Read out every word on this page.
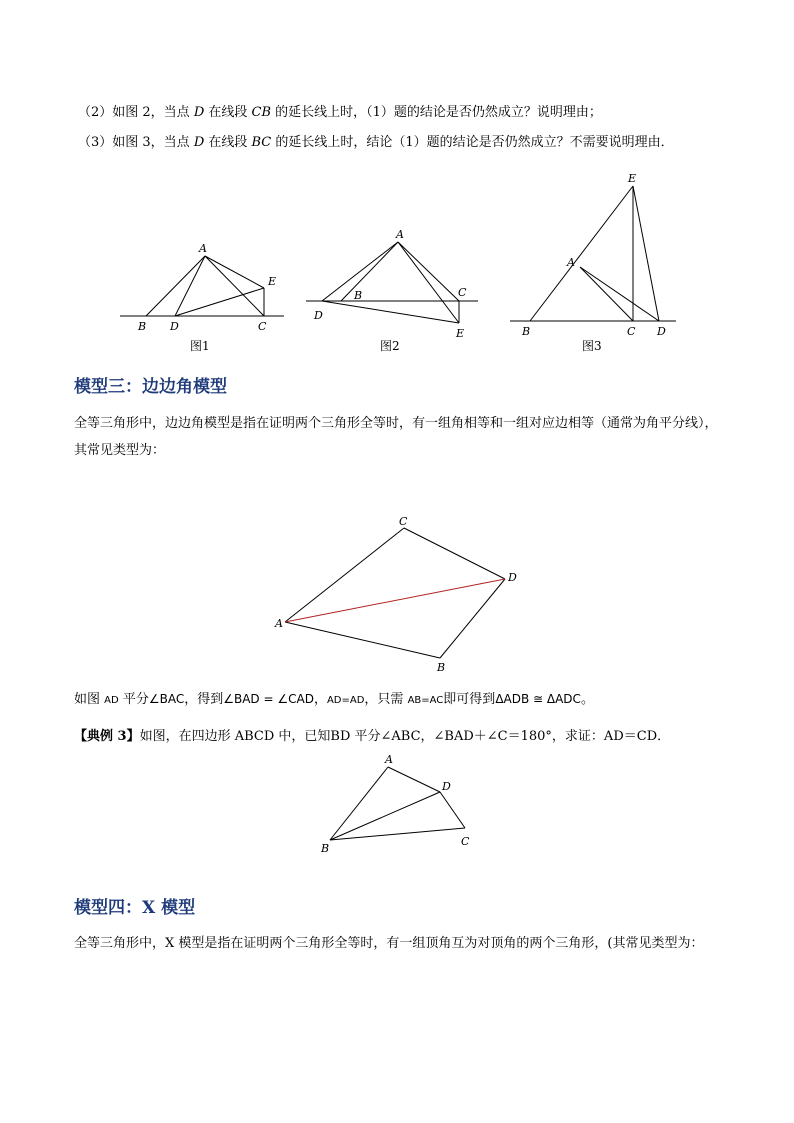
（2）如图 2，当点 D 在线段 CB 的延长线上时，（1）题的结论是否仍然成立？说明理由；
（3）如图 3，当点 D 在线段 BC 的延长线上时，结论（1）题的结论是否仍然成立？不需要说明理由．
A
B D	C
E
图1
A
B	C
D
E
图2
E
A
B	C D
图3
C
D
A
B
A
D
C
B
模型三：边边角模型
全等三角形中，边边角模型是指在证明两个三角形全等时，有一组角相等和一组对应边相等（通常为角平分线），其常见类型为：
如图 AD 平分∠BAC，得到∠BAD = ∠CAD，AD=AD，只需 AB=AC即可得到ΔADB ≅ ΔADC。
【典例 3】如图，在四边形 ABCD 中，已知BD 平分∠ABC，∠BAD＋∠C＝180°，求证：AD＝CD．
模型四：X 模型
全等三角形中，X 模型是指在证明两个三角形全等时，有一组顶角互为对顶角的两个三角形，(其常见类型为：
